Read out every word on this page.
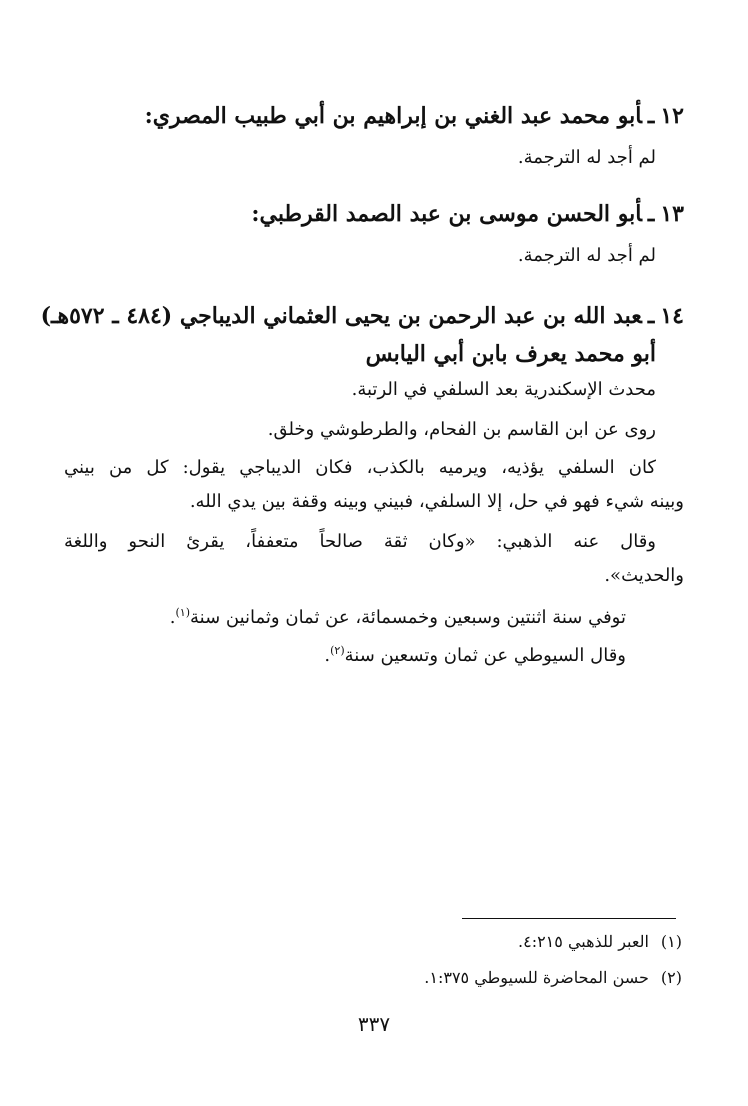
١٢ـأبو محمد عبد الغني بن إبراهيم بن أبي طبيب المصري:
لم أجد له الترجمة.
١٣ـأبو الحسن موسى بن عبد الصمد القرطبي:
لم أجد له الترجمة.
١٤ـعبد الله بن عبد الرحمن بن يحيى العثماني الديباجي (٤٨٤ ـ ٥٧٢هـ)
أبو محمد يعرف بابن أبي اليابس
محدث الإسكندرية بعد السلفي في الرتبة.
روى عن ابن القاسم بن الفحام، والطرطوشي وخلق.
كان السلفي يؤذيه، ويرميه بالكذب، فكان الديباجي يقول: كل من بيني
وبينه شيء فهو في حل، إلا السلفي، فبيني وبينه وقفة بين يدي الله.
وقال عنه الذهبي: «وكان ثقة صالحاً متعففاً، يقرئ النحو واللغة
والحديث».
توفي سنة اثنتين وسبعين وخمسمائة، عن ثمان وثمانين سنة$^{(١)}$.
وقال السيوطي عن ثمان وتسعين سنة$^{(٢)}$.
(١)العبر للذهبي ٤:٢١٥.
(٢)حسن المحاضرة للسيوطي ١:٣٧٥.
٣٣٧
